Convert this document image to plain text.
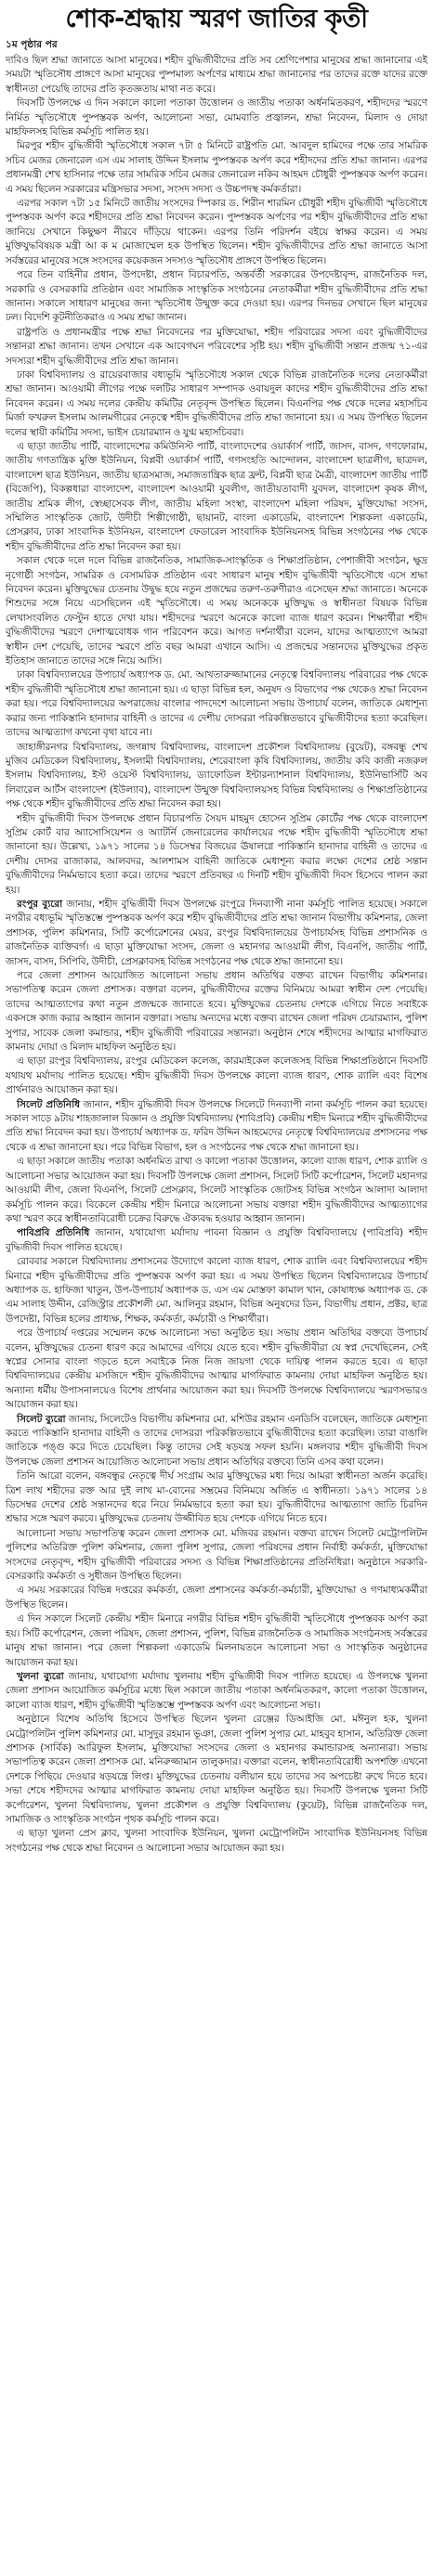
শোক-শ্রদ্ধায় স্মরণ জাতির কৃতী
১ম পৃষ্ঠার পর

দাবিও ছিল শ্রদ্ধা জানাতে আসা মানুষের। শহীদ বুদ্ধিজীবীদের প্রতি সব শ্রেণিপেশার মানুষের শ্রদ্ধা জানানোর এই সময়টা স্মৃতিসৌধ প্রাঙ্গণে আসা মানুষের পুষ্পমাল্য অর্পণের মাধ্যমে শ্রদ্ধা জানানোর পর তাদের রক্তে যাদের রক্তে স্বাধীনতা পেয়েছি তাদের প্রতি কৃতজ্ঞতায় মাথা নত করে।

দিবসটি উপলক্ষে এ দিন সকালে কালো পতাকা উত্তোলন ও জাতীয় পতাকা অর্ধনমিতকরণ, শহীদদের স্মরণে নির্মিত স্মৃতিসৌধে পুষ্পস্তবক অর্পণ, আলোচনা সভা, মোমবাতি প্রজ্বালন, শ্রদ্ধা নিবেদন, মিলাদ ও দোয়া মাহফিলসহ বিভিন্ন কর্মসূচি পালিত হয়।

মিরপুর শহীদ বুদ্ধিজীবী স্মৃতিসৌধে সকাল ৭টা ৫ মিনিটে রাষ্ট্রপতি মো. আবদুল হামিদের পক্ষে তার সামরিক সচিব মেজর জেনারেল এস এম সালাহ উদ্দিন ইসলাম পুষ্পস্তবক অর্পণ করে শহীদদের প্রতি শ্রদ্ধা জানান। এরপর প্রধানমন্ত্রী শেখ হাসিনার পক্ষে তার সামরিক সচিব মেজর জেনারেল নকিব আহমদ চৌধুরী পুষ্পস্তবক অর্পণ করেন। এ সময় ছিলেন সরকারের মন্ত্রিসভার সদস্য, সংসদ সদস্য ও উচ্চপদস্থ কর্মকর্তারা।

এরপর সকাল ৭টা ১৫ মিনিটে জাতীয় সংসদের স্পিকার ড. শিরীন শারমিন চৌধুরী শহীদ বুদ্ধিজীবী স্মৃতিসৌধে পুষ্পস্তবক অর্পণ করে শহীদদের প্রতি শ্রদ্ধা নিবেদন করেন। পুষ্পস্তবক অর্পণের পর শহীদ বুদ্ধিজীবীদের প্রতি শ্রদ্ধা জানিয়ে সেখানে কিছুক্ষণ নীরবে দাঁড়িয়ে থাকেন। এরপর তিনি পরিদর্শন বইয়ে স্বাক্ষর করেন। এ সময় মুক্তিযুদ্ধবিষয়ক মন্ত্রী আ ক ম মোজাম্মেল হক উপস্থিত ছিলেন। শহীদ বুদ্ধিজীবীদের প্রতি শ্রদ্ধা জানাতে আসা সর্বস্তরের মানুষের সঙ্গে সংসদের কয়েকজন সদস্যও স্মৃতিসৌধ প্রাঙ্গণে উপস্থিত ছিলেন।

পরে তিন বাহিনীর প্রধান, উপদেষ্টা, প্রধান বিচারপতি, অন্তর্বর্তী সরকারের উপদেষ্টাবৃন্দ, রাজনৈতিক দল, সরকারি ও বেসরকারি প্রতিষ্ঠান এবং সামাজিক সাংস্কৃতিক সংগঠনের নেতাকর্মীরা শহীদ বুদ্ধিজীবীদের প্রতি শ্রদ্ধা জানান। সকালে সাধারণ মানুষের জন্য স্মৃতিসৌধ উন্মুক্ত করে দেওয়া হয়। এরপর দিনভর সেখানে ছিল মানুষের ঢল। বিদেশি কূটনীতিকরাও এ সময় শ্রদ্ধা জানান।

রাষ্ট্রপতি ও প্রধানমন্ত্রীর পক্ষে শ্রদ্ধা নিবেদনের পর মুক্তিযোদ্ধা, শহীদ পরিবারের সদস্য এবং বুদ্ধিজীবীদের সন্তানরা শ্রদ্ধা জানান। তখন সেখানে এক আবেগঘন পরিবেশের সৃষ্টি হয়। শহীদ বুদ্ধিজীবী সন্তান প্রজন্ম ৭১-এর সদস্যরা শহীদ বুদ্ধিজীবীদের প্রতি শ্রদ্ধা জানান।

ঢাকা বিশ্ববিদ্যালয় ও রায়েরবাজার বধ্যভূমি স্মৃতিসৌধে সকাল থেকে বিভিন্ন রাজনৈতিক দলের নেতাকর্মীরা শ্রদ্ধা জানান। আওয়ামী লীগের পক্ষে দলটির সাধারণ সম্পাদক ওবায়দুল কাদের শহীদ বুদ্ধিজীবীদের প্রতি শ্রদ্ধা নিবেদন করেন। এ সময় দলের কেন্দ্রীয় কমিটির নেতৃবৃন্দ উপস্থিত ছিলেন। বিএনপির পক্ষ থেকে দলের মহাসচিব মির্জা ফখরুল ইসলাম আলমগীরের নেতৃত্বে শহীদ বুদ্ধিজীবীদের প্রতি শ্রদ্ধা জানানো হয়। এ সময় উপস্থিত ছিলেন দলের স্থায়ী কমিটির সদস্য, ভাইস চেয়ারম্যান ও যুগ্ম মহাসচিবরা।

এ ছাড়া জাতীয় পার্টি, বাংলাদেশের কমিউনিস্ট পার্টি, বাংলাদেশের ওয়ার্কার্স পার্টি, জাসদ, বাসদ, গণফোরাম, জাতীয় গণতান্ত্রিক মুক্তি ইউনিয়ন, বিপ্লবী ওয়ার্কার্স পার্টি, গণসংহতি আন্দোলন, বাংলাদেশ ছাত্রলীগ, ছাত্রদল, বাংলাদেশ ছাত্র ইউনিয়ন, জাতীয় ছাত্রসমাজ, সমাজতান্ত্রিক ছাত্র ফ্রন্ট, বিপ্লবী ছাত্র মৈত্রী, বাংলাদেশ জাতীয় পার্টি (বিজেপি), বিকল্পধারা বাংলাদেশ, বাংলাদেশ আওয়ামী যুবলীগ, জাতীয়তাবাদী যুবদল, বাংলাদেশ কৃষক লীগ, জাতীয় শ্রমিক লীগ, স্বেচ্ছাসেবক লীগ, জাতীয় মহিলা সংস্থা, বাংলাদেশ মহিলা পরিষদ, মুক্তিযোদ্ধা সংসদ, সম্মিলিত সাংস্কৃতিক জোট, উদীচী শিল্পীগোষ্ঠী, ছায়ানট, বাংলা একাডেমি, বাংলাদেশ শিল্পকলা একাডেমি, প্রেসক্লাব, ঢাকা সাংবাদিক ইউনিয়ন, বাংলাদেশ ফেডারেল সাংবাদিক ইউনিয়নসহ বিভিন্ন সংগঠনের পক্ষ থেকে শহীদ বুদ্ধিজীবীদের প্রতি শ্রদ্ধা নিবেদন করা হয়।

সকাল থেকে দলে দলে বিভিন্ন রাজনৈতিক, সামাজিক-সাংস্কৃতিক ও শিক্ষাপ্রতিষ্ঠান, পেশাজীবী সংগঠন, ক্ষুদ্র নৃগোষ্ঠী সংগঠন, সামরিক ও বেসামরিক প্রতিষ্ঠান এবং সাধারণ মানুষ শহীদ বুদ্ধিজীবী স্মৃতিসৌধে এসে শ্রদ্ধা নিবেদন করেন। মুক্তিযুদ্ধের চেতনায় উদ্বুদ্ধ হয়ে নতুন প্রজন্মের তরুণ-তরুণীরাও এসেছেন শ্রদ্ধা জানাতে। অনেকে শিশুদের সঙ্গে নিয়ে এসেছিলেন এই স্মৃতিসৌধে। এ সময় অনেককে মুক্তিযুদ্ধ ও স্বাধীনতা বিষয়ক বিভিন্ন লেখাসংবলিত ফেস্টুন হাতে দেখা যায়। শহীদদের স্মরণে অনেকে কালো ব্যাজ ধারণ করেন। শিক্ষার্থীরা শহীদ বুদ্ধিজীবীদের স্মরণে দেশাত্মবোধক গান পরিবেশন করে। আগত দর্শনার্থীরা বলেন, যাদের আত্মত্যাগে আমরা স্বাধীন দেশ পেয়েছি, তাদের স্মরণে প্রতি বছর আমরা এখানে আসি। এ প্রজন্মের সন্তানদের মুক্তিযুদ্ধের প্রকৃত ইতিহাস জানাতে তাদের সঙ্গে নিয়ে আসি।

ঢাকা বিশ্ববিদ্যালয়ের উপাচার্য অধ্যাপক ড. মো. আখতারুজ্জামানের নেতৃত্বে বিশ্ববিদ্যালয় পরিবারের পক্ষ থেকে শহীদ বুদ্ধিজীবী স্মৃতিসৌধে শ্রদ্ধা জানানো হয়। এ ছাড়া বিভিন্ন হল, অনুষদ ও বিভাগের পক্ষ থেকেও শ্রদ্ধা নিবেদন করা হয়। পরে বিশ্ববিদ্যালয়ের অপরাজেয় বাংলার পাদদেশে আলোচনা সভায় উপাচার্য বলেন, জাতিকে মেধাশূন্য করার জন্য পাকিস্তানি হানাদার বাহিনী ও তাদের এ দেশীয় দোসররা পরিকল্পিতভাবে বুদ্ধিজীবীদের হত্যা করেছিল। তাদের আত্মত্যাগ কখনো বৃথা যাবে না।

জাহাঙ্গীরনগর বিশ্ববিদ্যালয়, জগন্নাথ বিশ্ববিদ্যালয়, বাংলাদেশ প্রকৌশল বিশ্ববিদ্যালয় (বুয়েট), বঙ্গবন্ধু শেখ মুজিব মেডিকেল বিশ্ববিদ্যালয়, ইসলামী বিশ্ববিদ্যালয়, শেরেবাংলা কৃষি বিশ্ববিদ্যালয়, জাতীয় কবি কাজী নজরুল ইসলাম বিশ্ববিদ্যালয়, ইস্ট ওয়েস্ট বিশ্ববিদ্যালয়, ড্যাফোডিল ইন্টারন্যাশনাল বিশ্ববিদ্যালয়, ইউনিভার্সিটি অব লিবারেল আর্টস বাংলাদেশ (ইউল্যাব), বাংলাদেশ উন্মুক্ত বিশ্ববিদ্যালয়সহ বিভিন্ন বিশ্ববিদ্যালয় ও শিক্ষাপ্রতিষ্ঠানের পক্ষ থেকে শহীদ বুদ্ধিজীবীদের প্রতি শ্রদ্ধা নিবেদন করা হয়।

শহীদ বুদ্ধিজীবী দিবস উপলক্ষে প্রধান বিচারপতি সৈয়দ মাহমুদ হোসেন সুপ্রিম কোর্টের পক্ষ থেকে বাংলাদেশ সুপ্রিম কোর্ট বার অ্যাসোসিয়েশন ও অ্যাটর্নি জেনারেলের কার্যালয়ের পক্ষে শহীদ বুদ্ধিজীবী স্মৃতিসৌধে শ্রদ্ধা জানানো হয়। উল্লেখ্য, ১৯৭১ সালের ১৪ ডিসেম্বর বিজয়ের ঊষালগ্নে পাকিস্তানি হানাদার বাহিনী ও তাদের এ দেশীয় দোসর রাজাকার, আলবদর, আলশামস বাহিনী জাতিকে মেধাশূন্য করার লক্ষ্যে দেশের শ্রেষ্ঠ সন্তান বুদ্ধিজীবীদের নির্মমভাবে হত্যা করে। তাদের স্মরণে প্রতিবছর এ দিনটি শহীদ বুদ্ধিজীবী দিবস হিসেবে পালন করা হয়।

রংপুর ব্যুরো জানায়, শহীদ বুদ্ধিজীবী দিবস উপলক্ষে রংপুরে দিনব্যাপী নানা কর্মসূচি পালিত হয়েছে। সকালে নগরীর বধ্যভূমি স্মৃতিস্তম্ভে পুষ্পস্তবক অর্পণ করে শহীদ বুদ্ধিজীবীদের প্রতি শ্রদ্ধা জানান বিভাগীয় কমিশনার, জেলা প্রশাসক, পুলিশ কমিশনার, সিটি কর্পোরেশনের মেয়র, রংপুর বিশ্ববিদ্যালয়ের উপাচার্যসহ বিভিন্ন প্রশাসনিক ও রাজনৈতিক ব্যক্তিবর্গ। এ ছাড়া মুক্তিযোদ্ধা সংসদ, জেলা ও মহানগর আওয়ামী লীগ, বিএনপি, জাতীয় পার্টি, জাসদ, বাসদ, সিপিবি, উদীচী, প্রেসক্লাবসহ বিভিন্ন সংগঠনের পক্ষ থেকে শ্রদ্ধা জানানো হয়।

পরে জেলা প্রশাসন আয়োজিত আলোচনা সভায় প্রধান অতিথির বক্তব্য রাখেন বিভাগীয় কমিশনার। সভাপতিত্ব করেন জেলা প্রশাসক। বক্তারা বলেন, বুদ্ধিজীবীদের রক্তের বিনিময়ে আমরা স্বাধীন দেশ পেয়েছি। তাদের আত্মত্যাগের কথা নতুন প্রজন্মকে জানাতে হবে। মুক্তিযুদ্ধের চেতনায় দেশকে এগিয়ে নিতে সবাইকে একসঙ্গে কাজ করার আহ্বান জানান বক্তারা। সভায় অন্যদের মধ্যে বক্তব্য রাখেন জেলা পরিষদ চেয়ারম্যান, পুলিশ সুপার, সাবেক জেলা কমান্ডার, শহীদ বুদ্ধিজীবী পরিবারের সন্তানরা। অনুষ্ঠান শেষে শহীদদের আত্মার মাগফিরাত কামনায় দোয়া ও মিলাদ মাহফিল অনুষ্ঠিত হয়।

এ ছাড়া রংপুর বিশ্ববিদ্যালয়, রংপুর মেডিকেল কলেজ, কারমাইকেল কলেজসহ বিভিন্ন শিক্ষাপ্রতিষ্ঠানে দিবসটি যথাযথ মর্যাদায় পালিত হয়েছে। শহীদ বুদ্ধিজীবী দিবস উপলক্ষে কালো ব্যাজ ধারণ, শোক র‌্যালি এবং বিশেষ প্রার্থনারও আয়োজন করা হয়।

সিলেট প্রতিনিধি জানান, শহীদ বুদ্ধিজীবী দিবস উপলক্ষে সিলেটে দিনব্যাপী নানা কর্মসূচি পালন করা হয়েছে। সকাল সাড়ে ৯টায় শাহজালাল বিজ্ঞান ও প্রযুক্তি বিশ্ববিদ্যালয় (শাবিপ্রবি) কেন্দ্রীয় শহীদ মিনারে শহীদ বুদ্ধিজীবীদের প্রতি শ্রদ্ধা নিবেদন করা হয়। উপাচার্য অধ্যাপক ড. ফরিদ উদ্দিন আহমেদের নেতৃত্বে বিশ্ববিদ্যালয়ের প্রশাসনের পক্ষ থেকে এ শ্রদ্ধা জানানো হয়। পরে বিভিন্ন বিভাগ, হল ও সংগঠনের পক্ষ থেকে শ্রদ্ধা জানানো হয়।

এ ছাড়া সকালে জাতীয় পতাকা অর্ধনমিত রাখা ও কালো পতাকা উত্তোলন, কালো ব্যাজ ধারণ, শোক র‌্যালি ও আলোচনা সভার আয়োজন করা হয়। দিবসটি উপলক্ষে জেলা প্রশাসন, সিলেট সিটি কর্পোরেশন, সিলেট মহানগর আওয়ামী লীগ, জেলা বিএনপি, সিলেট প্রেসক্লাব, সিলেট সাংস্কৃতিক জোটসহ বিভিন্ন সংগঠন আলাদা আলাদা কর্মসূচি পালন করে। বিকেলে কেন্দ্রীয় শহীদ মিনারে আলোচনা সভায় বক্তারা শহীদ বুদ্ধিজীবীদের আত্মত্যাগের কথা স্মরণ করে স্বাধীনতাবিরোধী চক্রের বিরুদ্ধে ঐক্যবদ্ধ হওয়ার আহ্বান জানান।

পাবিপ্রবি প্রতিনিধি জানান, যথাযোগ্য মর্যাদায় পাবনা বিজ্ঞান ও প্রযুক্তি বিশ্ববিদ্যালয়ে (পাবিপ্রবি) শহীদ বুদ্ধিজীবী দিবস পালিত হয়েছে।

রোববার সকালে বিশ্ববিদ্যালয় প্রশাসনের উদ্যোগে কালো ব্যাজ ধারণ, শোক র‌্যালি এবং বিশ্ববিদ্যালয়ের শহীদ মিনারে শহীদ বুদ্ধিজীবীদের প্রতি পুষ্পস্তবক অর্পণ করা হয়। এ সময় উপস্থিত ছিলেন বিশ্ববিদ্যালয়ের উপাচার্য অধ্যাপক ড. হাফিজা খাতুন, উপ-উপাচার্য অধ্যাপক ড. এস এম মোস্তফা কামাল খান, কোষাধ্যক্ষ অধ্যাপক ড. কে এম সালাহ উদ্দীন, রেজিস্ট্রার প্রকৌশলী মো. আলিনুর রহমান, বিভিন্ন অনুষদের ডিন, বিভাগীয় প্রধান, প্রক্টর, ছাত্র উপদেষ্টা, বিভিন্ন হলের প্রাধ্যক্ষ, শিক্ষক, কর্মকর্তা, কর্মচারী ও শিক্ষার্থীরা।

পরে উপাচার্য দপ্তরের সম্মেলন কক্ষে আলোচনা সভা অনুষ্ঠিত হয়। সভায় প্রধান অতিথির বক্তব্যে উপাচার্য বলেন, মুক্তিযুদ্ধের চেতনা ধারণ করে আমাদের এগিয়ে যেতে হবে। শহীদ বুদ্ধিজীবীরা যে স্বপ্ন দেখেছিলেন, সেই স্বপ্নের সোনার বাংলা গড়তে হলে সবাইকে নিজ নিজ জায়গা থেকে দায়িত্ব পালন করতে হবে। এ ছাড়া বিশ্ববিদ্যালয়ের কেন্দ্রীয় মসজিদে শহীদ বুদ্ধিজীবীদের আত্মার মাগফিরাত কামনায় দোয়া মাহফিল অনুষ্ঠিত হয়। অন্যান্য ধর্মীয় উপাসনালয়েও বিশেষ প্রার্থনার আয়োজন করা হয়। দিবসটি উপলক্ষে বিশ্ববিদ্যালয়ে স্মরণসভারও আয়োজন করা হয়।

সিলেট ব্যুরো জানায়, সিলেটেও বিভাগীয় কমিশনার মো. মশিউর রহমান এনডিসি বলেছেন, জাতিকে মেধাশূন্য করতে পাকিস্তানি হানাদার বাহিনী ও তাদের দোসররা পরিকল্পিতভাবে বুদ্ধিজীবীদের হত্যা করেছিল। তারা বাঙালি জাতিকে পঙ্গু করে দিতে চেয়েছিল। কিন্তু তাদের সেই ষড়যন্ত্র সফল হয়নি। মঙ্গলবার শহীদ বুদ্ধিজীবী দিবস উপলক্ষে জেলা প্রশাসন আয়োজিত আলোচনা সভায় প্রধান অতিথির বক্তব্যে তিনি এসব কথা বলেন।

তিনি আরো বলেন, বঙ্গবন্ধুর নেতৃত্বে দীর্ঘ সংগ্রাম আর মুক্তিযুদ্ধের মধ্য দিয়ে আমরা স্বাধীনতা অর্জন করেছি। ত্রিশ লাখ শহীদের রক্ত আর দুই লাখ মা-বোনের সম্ভ্রমের বিনিময়ে অর্জিত এ স্বাধীনতা। ১৯৭১ সালের ১৪ ডিসেম্বর দেশের শ্রেষ্ঠ সন্তানদের ধরে নিয়ে নির্মমভাবে হত্যা করা হয়। বুদ্ধিজীবীদের আত্মত্যাগ জাতি চিরদিন শ্রদ্ধার সঙ্গে স্মরণ করবে। মুক্তিযুদ্ধের চেতনায় উজ্জীবিত হয়ে দেশকে এগিয়ে নিতে হবে।

আলোচনা সভায় সভাপতিত্ব করেন জেলা প্রশাসক মো. মজিবর রহমান। বক্তব্য রাখেন সিলেট মেট্রোপলিটন পুলিশের অতিরিক্ত পুলিশ কমিশনার, জেলা পুলিশ সুপার, জেলা পরিষদের প্রধান নির্বাহী কর্মকর্তা, মুক্তিযোদ্ধা সংসদের নেতৃবৃন্দ, শহীদ বুদ্ধিজীবী পরিবারের সদস্য ও বিভিন্ন শিক্ষাপ্রতিষ্ঠানের প্রতিনিধিরা। অনুষ্ঠানে সরকারি-বেসরকারি কর্মকর্তা ও সুধীজন উপস্থিত ছিলেন।

এ সময় সরকারের বিভিন্ন দপ্তরের কর্মকর্তা, জেলা প্রশাসনের কর্মকর্তা-কর্মচারী, মুক্তিযোদ্ধা ও গণমাধ্যমকর্মীরা উপস্থিত ছিলেন।

এ দিন সকালে সিলেট কেন্দ্রীয় শহীদ মিনারে নগরীর বিভিন্ন শহীদ বুদ্ধিজীবী স্মৃতিসৌধে পুষ্পস্তবক অর্পণ করা হয়। সিটি কর্পোরেশন, জেলা পরিষদ, জেলা প্রশাসন, পুলিশ, বিভিন্ন রাজনৈতিক ও সামাজিক সংগঠনসহ সর্বস্তরের মানুষ শ্রদ্ধা জানান। পরে জেলা শিল্পকলা একাডেমি মিলনায়তনে আলোচনা সভা ও সাংস্কৃতিক অনুষ্ঠানের আয়োজন করা হয়।

খুলনা ব্যুরো জানায়, যথাযোগ্য মর্যাদায় খুলনায় শহীদ বুদ্ধিজীবী দিবস পালিত হয়েছে। এ উপলক্ষে খুলনা জেলা প্রশাসন আয়োজিত কর্মসূচির মধ্যে ছিল সকালে জাতীয় পতাকা অর্ধনমিতকরণ, কালো পতাকা উত্তোলন, কালো ব্যাজ ধারণ, শহীদ বুদ্ধিজীবী স্মৃতিস্তম্ভে পুষ্পস্তবক অর্পণ এবং আলোচনা সভা।

অনুষ্ঠানে বিশেষ অতিথি হিসেবে উপস্থিত ছিলেন খুলনা রেঞ্জের ডিআইজি মো. মঈনুল হক, খুলনা মেট্রোপলিটন পুলিশ কমিশনার মো. মাসুদুর রহমান ভূঞা, জেলা পুলিশ সুপার মো. মাহবুব হাসান, অতিরিক্ত জেলা প্রশাসক (সার্বিক) আরিফুল ইসলাম, মুক্তিযোদ্ধা সংসদের জেলা ও মহানগর কমান্ডারসহ অন্যান্যরা। সভায় সভাপতিত্ব করেন জেলা প্রশাসক মো. মনিরুজ্জামান তালুকদার। বক্তারা বলেন, স্বাধীনতাবিরোধী অপশক্তি এখনো দেশকে পিছিয়ে দেওয়ার ষড়যন্ত্রে লিপ্ত। মুক্তিযুদ্ধের চেতনায় বলীয়ান হয়ে তাদের সব অপচেষ্টা রুখে দিতে হবে। সভা শেষে শহীদদের আত্মার মাগফিরাত কামনায় দোয়া মাহফিল অনুষ্ঠিত হয়। দিবসটি উপলক্ষে খুলনা সিটি কর্পোরেশন, খুলনা বিশ্ববিদ্যালয়, খুলনা প্রকৌশল ও প্রযুক্তি বিশ্ববিদ্যালয় (কুয়েট), বিভিন্ন রাজনৈতিক দল, সামাজিক ও সাংস্কৃতিক সংগঠন পৃথক কর্মসূচি পালন করে।

এ ছাড়া খুলনা প্রেস ক্লাব, খুলনা সাংবাদিক ইউনিয়ন, খুলনা মেট্রোপলিটন সাংবাদিক ইউনিয়নসহ বিভিন্ন সংগঠনের পক্ষ থেকে শ্রদ্ধা নিবেদন ও আলোচনা সভার আয়োজন করা হয়।
